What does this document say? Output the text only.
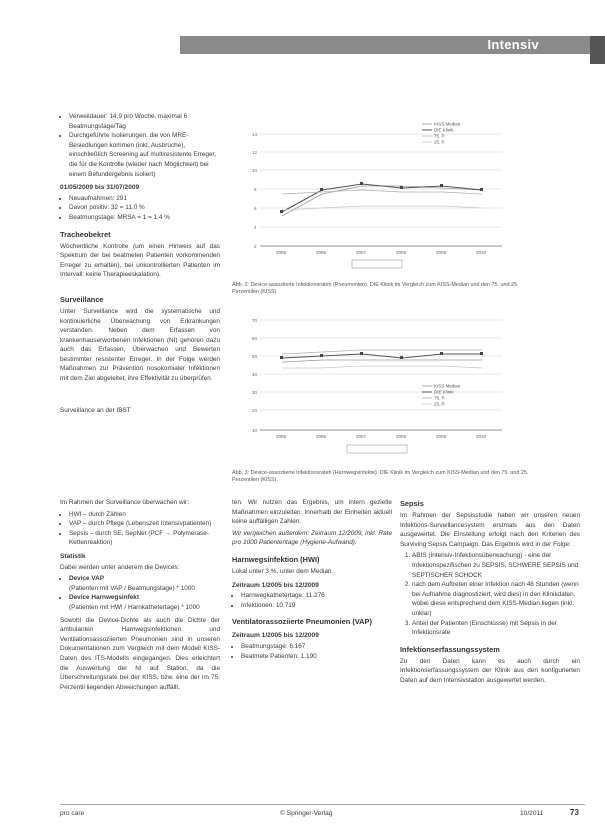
Intensiv
• Verweildauer: 14,9 pro Woche, maximal 6 Beatmungstage/Tag
• Durchgeführte Isolierungen, die von MRE-Besiedlungen kommen (inkl. Ausbrüche), einschließlich Screening auf multiresistente Erreger, die für die Kontrolle (wieder nach Möglichkeit) bei einem Befundergebnis isoliert)
01/05/2009 bis 31/07/2009
• Neuaufnahmen: 291
• Davon positiv: 32 = 11,0 %
• Beatmungstage: MRSA = 1 = 1,4 %
Tracheobekret

Wöchentliche Kontrolle (um einen Hinweis auf das Spektrum der bei beatmeten Patienten vorkommenden Erreger zu erhalten), bei unkontrollierten Patienten im Intervall: keine Therapieeskalation).

Surveillance

Unter Surveillance wird die systematische und kontinuierliche Überwachung von Erkrankungen verstanden. Neben dem Erfassen von krankenhauserworbenen Infektionen (NI) gehören dazu auch das Erfassen, Überwachen und Bewerten bestimmter resistenter Erreger. In der Folge werden Maßnahmen zur Prävention nosokomialer Infektionen mit dem Ziel abgeleitet, ihre Effektivität zu überprüfen.

Surveillance an der IBST

14
12
10
8
6
4
2
2005	2006	2007	2008	2009	2010
KISS Median
DIE Klinik
75. P.
25. P.
Abb. 2: Device-assoziierte Infektionsraten (Pneumonien). DIE Klinik im Vergleich zum KISS-Median und den 75. und 25. Perzentilen (KISS)
70
60
50
40
30
20
10
2005	2006	2007	2008	2009	2010
KISS Median
DIE Klinik
75. P.
25. P.
Abb. 3: Device-assoziierte Infektionsraten (Harnwegsinfekte). DIE Klinik im Vergleich zum KISS-Median und den 75. und 25. Perzentilen (KISS).

Im Rahmen der Surveillance überwachen wir:

• HWI – durch Zählen
• VAP – durch Pflege (Lebenszeit Intensivpatienten)
• Sepsis – durch SE, SepNet (PCF → Polymerase-Kettenreaktion)
Statistik

Dabei werden unter anderem die Devices:

• Device VAP
(Patienten mit VAP / Beatmungstage) * 1000
• Device Harnwegsinfekt
(Patienten mit HWI / Harnkathetertage) * 1000

Sowohl die Device-Dichte als auch die Dichte der ambulanten Harnwegsinfektionen und Ventilationsassoziierten Pneumonien sind in unseren Dokumentationen zum Vergleich mit dem Modell KISS-Daten des ITS-Modells eingegangen. Dies erleichtert die Auswertung der NI auf Station, da die Überschreitungsrate bei der KISS, bzw. eine der im 75. Perzentil liegenden Abweichungen auffällt.

ten. Wir nutzen das Ergebnis, um intern gezielte Maßnahmen einzuleiten. Innerhalb der Einheiten aktuell keine auffälligen Zahlen.

Wir vergleichen außerdem: Zeitraum 12/2009, inkl. Rate pro 1000 Patiententage (Hygiene-Aufwand).

Harnwegsinfektion (HWI)

Lokal unter 3 %, unter dem Median.

Zeitraum 1/2005 bis 12/2009
• Harnwegkathetertage: 11.276
• Infektionen: 10.719
Ventilatorassoziierte Pneumonien (VAP)
Zeitraum 1/2005 bis 12/2009
• Beatmungstage: 6.167
• Beatmete Patienten: 1.190
Sepsis

Im Rahmen der Sepsisstudie haben wir unseren neuen Infektions-Surveillancesystem erstmals aus den Daten ausgewertet. Die Einstellung erfolgt nach den Kriterien des Surviving Sepsis Campaign. Das Ergebnis wird in der Folge:

1. ABIS (Intensiv-Infektionsüberwachung) - eine der Infektionspezifischen zu SEPSIS, SCHWERE SEPSIS und SEPTISCHER SCHOCK
2. nach dem Auftreten einer Infektion nach 48 Stunden (wenn bei Aufnahme diagnostiziert, wird dies) in den Klinikdaten, wobei diese entsprechend dem KISS-Median liegen (inkl. unklar)
3. Anteil der Patienten (Einschlüsse) mit Sepsis in der Infektionsrate
Infektionserfassungssystem

Zu den Daten kann es auch durch ein Infektionserfassungssystem der Klinik aus den konfigurierten Daten auf dem Intensivstation ausgewertet werden.

pro care	© Springer-Verlag	10/2011	73
